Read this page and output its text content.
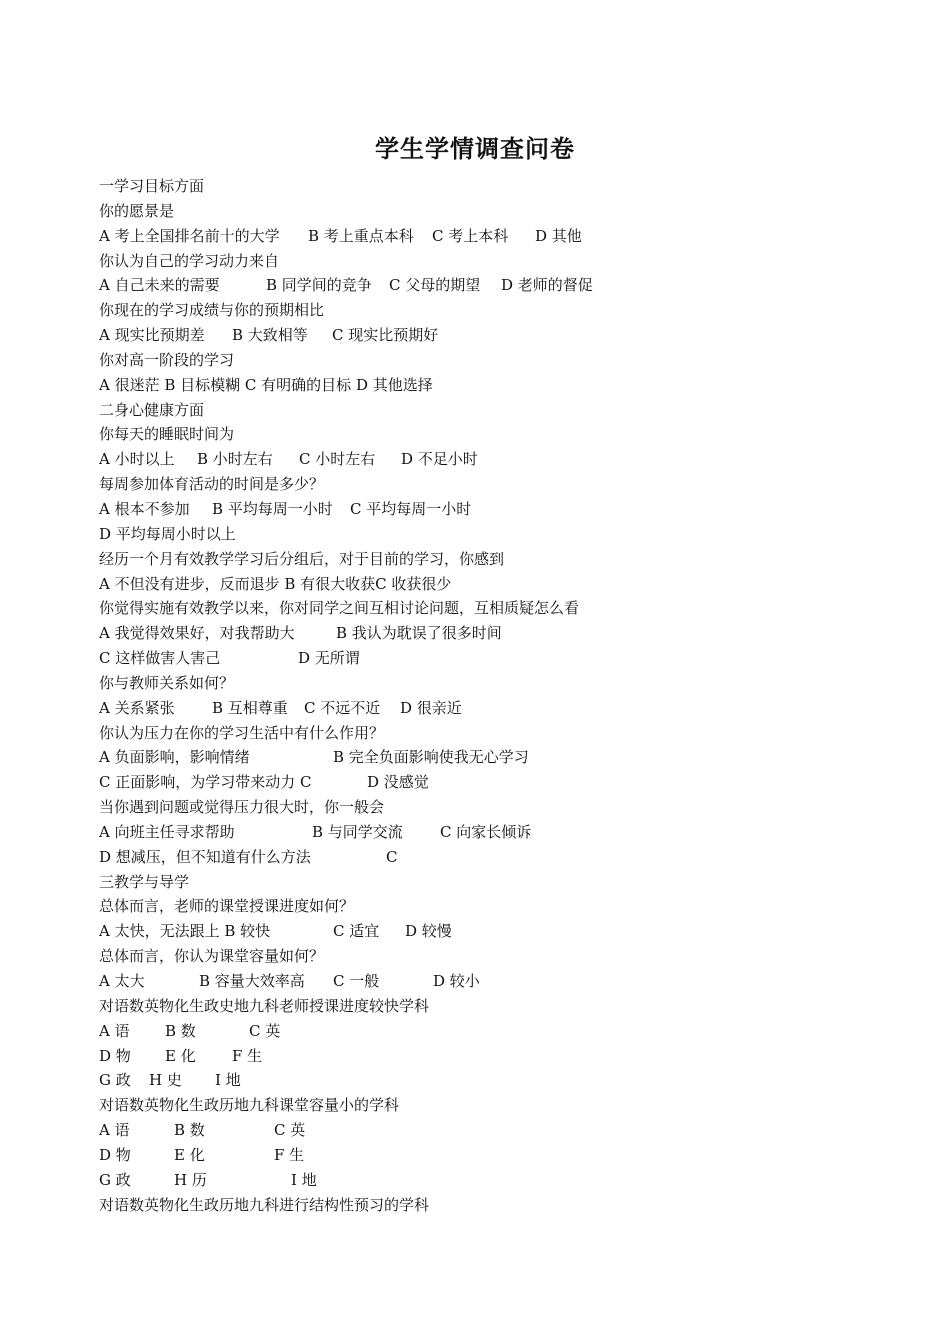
学生学情调查问卷
一学习目标方面
你的愿景是
A 考上全国排名前十的大学 B 考上重点本科 C 考上本科 D 其他
你认为自己的学习动力来自
A 自己未来的需要	B 同学间的竞争 C 父母的期望 D 老师的督促
你现在的学习成绩与你的预期相比
A 现实比预期差 B 大致相等 C 现实比预期好
你对高一阶段的学习
A 很迷茫 B 目标模糊 C 有明确的目标 D 其他选择
二身心健康方面
你每天的睡眠时间为
A 小时以上 B 小时左右 C 小时左右 D 不足小时
每周参加体育活动的时间是多少？
A 根本不参加 B 平均每周一小时 C 平均每周一小时
D 平均每周小时以上
经历一个月有效教学学习后分组后，对于目前的学习，你感到
A 不但没有进步，反而退步 B 有很大收获C 收获很少
你觉得实施有效教学以来，你对同学之间互相讨论问题，互相质疑怎么看
A 我觉得效果好，对我帮助大	B 我认为耽误了很多时间
C 这样做害人害己	D 无所谓
你与教师关系如何？
A 关系紧张 B 互相尊重 C 不远不近 D 很亲近
你认为压力在你的学习生活中有什么作用？
A 负面影响，影响情绪	B 完全负面影响使我无心学习
C 正面影响，为学习带来动力 C	D 没感觉
当你遇到问题或觉得压力很大时，你一般会
A 向班主任寻求帮助	B 与同学交流 C 向家长倾诉
D 想减压，但不知道有什么方法	C
三教学与导学
总体而言，老师的课堂授课进度如何？
A 太快，无法跟上 B 较快	C 适宜 D 较慢
总体而言，你认为课堂容量如何？
A 太大	B 容量大效率高 C 一般	D 较小
对语数英物化生政史地九科老师授课进度较快学科
A 语 B 数	C 英
D 物 E 化 F 生
G 政 H 史 I 地
对语数英物化生政历地九科课堂容量小的学科
A 语	B 数	C 英
D 物	E 化	F 生
G 政	H 历	I 地
对语数英物化生政历地九科进行结构性预习的学科
